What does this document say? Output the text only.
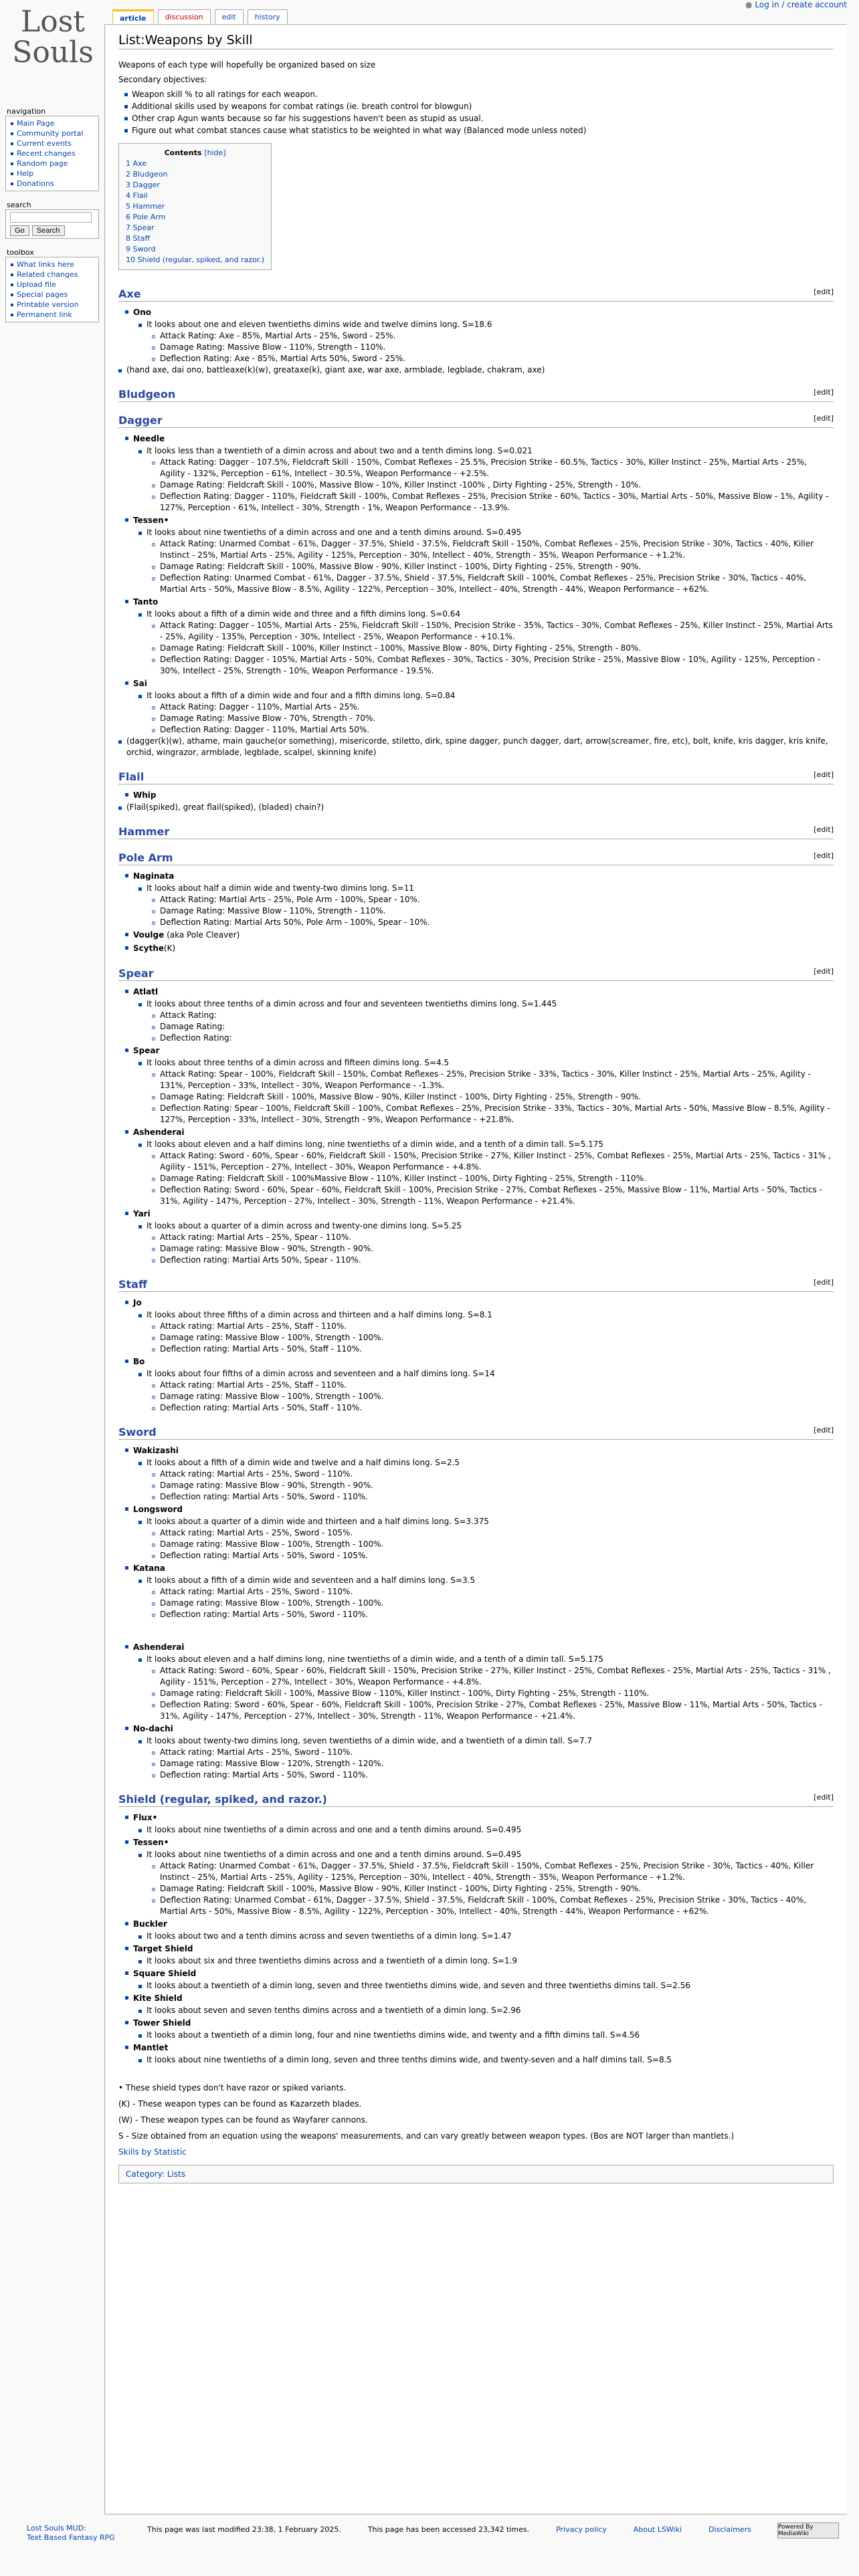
Lost
Souls
● Log in / create account
article	discussion	edit	history
navigation
Main Page
Community portal
Current events
Recent changes
Random page
Help
Donations
search
Go	Search
toolbox
What links here
Related changes
Upload file
Special pages
Printable version
Permanent link
List:Weapons by Skill
Weapons of each type will hopefully be organized based on size
Secondary objectives:
Weapon skill % to all ratings for each weapon.
Additional skills used by weapons for combat ratings (ie. breath control for blowgun)
Other crap Agun wants because so far his suggestions haven't been as stupid as usual.
Figure out what combat stances cause what statistics to be weighted in what way (Balanced mode unless noted)
Contents [hide]
1 Axe
2 Bludgeon
3 Dagger
4 Flail
5 Hammer
6 Pole Arm
7 Spear
8 Staff
9 Sword
10 Shield (regular, spiked, and razor.)
Axe	[edit]
Ono
It looks about one and eleven twentieths dimins wide and twelve dimins long. S=18.6
Attack Rating: Axe - 85%, Martial Arts - 25%, Sword - 25%.
Damage Rating: Massive Blow - 110%, Strength - 110%.
Deflection Rating: Axe - 85%, Martial Arts 50%, Sword - 25%.
(hand axe, dai ono, battleaxe(k)(w), greataxe(k), giant axe, war axe, armblade, legblade, chakram, axe)
Bludgeon	[edit]
Dagger	[edit]
Needle
It looks less than a twentieth of a dimin across and about two and a tenth dimins long. S=0.021
Attack Rating: Dagger - 107.5%, Fieldcraft Skill - 150%, Combat Reflexes - 25.5%, Precision Strike - 60.5%, Tactics - 30%, Killer Instinct - 25%, Martial Arts - 25%, Agility - 132%, Perception - 61%, Intellect - 30.5%, Weapon Performance - +2.5%.
Damage Rating: Fieldcraft Skill - 100%, Massive Blow - 10%, Killer Instinct -100% , Dirty Fighting - 25%, Strength - 10%.
Deflection Rating: Dagger - 110%, Fieldcraft Skill - 100%, Combat Reflexes - 25%, Precision Strike - 60%, Tactics - 30%, Martial Arts - 50%, Massive Blow - 1%, Agility - 127%, Perception - 61%, Intellect - 30%, Strength - 1%, Weapon Performance - -13.9%.
Tessen•
It looks about nine twentieths of a dimin across and one and a tenth dimins around. S=0.495
Attack Rating: Unarmed Combat - 61%, Dagger - 37.5%, Shield - 37.5%, Fieldcraft Skill - 150%, Combat Reflexes - 25%, Precision Strike - 30%, Tactics - 40%, Killer Instinct - 25%, Martial Arts - 25%, Agility - 125%, Perception - 30%, Intellect - 40%, Strength - 35%, Weapon Performance - +1.2%.
Damage Rating: Fieldcraft Skill - 100%, Massive Blow - 90%, Killer Instinct - 100%, Dirty Fighting - 25%, Strength - 90%.
Deflection Rating: Unarmed Combat - 61%, Dagger - 37.5%, Shield - 37.5%, Fieldcraft Skill - 100%, Combat Reflexes - 25%, Precision Strike - 30%, Tactics - 40%, Martial Arts - 50%, Massive Blow - 8.5%, Agility - 122%, Perception - 30%, Intellect - 40%, Strength - 44%, Weapon Performance - +62%.
Tanto
It looks about a fifth of a dimin wide and three and a fifth dimins long. S=0.64
Attack Rating: Dagger - 105%, Martial Arts - 25%, Fieldcraft Skill - 150%, Precision Strike - 35%, Tactics - 30%, Combat Reflexes - 25%, Killer Instinct - 25%, Martial Arts - 25%, Agility - 135%, Perception - 30%, Intellect - 25%, Weapon Performance - +10.1%.
Damage Rating: Fieldcraft Skill - 100%, Killer Instinct - 100%, Massive Blow - 80%, Dirty Fighting - 25%, Strength - 80%.
Deflection Rating: Dagger - 105%, Martial Arts - 50%, Combat Reflexes - 30%, Tactics - 30%, Precision Strike - 25%, Massive Blow - 10%, Agility - 125%, Perception - 30%, Intellect - 25%, Strength - 10%, Weapon Performance - 19.5%.
Sai
It looks about a fifth of a dimin wide and four and a fifth dimins long. S=0.84
Attack Rating: Dagger - 110%, Martial Arts - 25%.
Damage Rating: Massive Blow - 70%, Strength - 70%.
Deflection Rating: Dagger - 110%, Martial Arts 50%.
(dagger(k)(w), athame, main gauche(or something), misericorde, stiletto, dirk, spine dagger, punch dagger, dart, arrow(screamer, fire, etc), bolt, knife, kris dagger, kris knife, orchid, wingrazor, armblade, legblade, scalpel, skinning knife)
Flail	[edit]
Whip
(Flail(spiked), great flail(spiked), (bladed) chain?)
Hammer	[edit]
Pole Arm	[edit]
Naginata
It looks about half a dimin wide and twenty-two dimins long. S=11
Attack Rating: Martial Arts - 25%, Pole Arm - 100%, Spear - 10%.
Damage Rating: Massive Blow - 110%, Strength - 110%.
Deflection Rating: Martial Arts 50%, Pole Arm - 100%, Spear - 10%.
Voulge (aka Pole Cleaver)
Scythe(K)
Spear	[edit]
Atlatl
It looks about three tenths of a dimin across and four and seventeen twentieths dimins long. S=1.445
Attack Rating:
Damage Rating:
Deflection Rating:
Spear
It looks about three tenths of a dimin across and fifteen dimins long. S=4.5
Attack Rating: Spear - 100%, Fieldcraft Skill - 150%, Combat Reflexes - 25%, Precision Strike - 33%, Tactics - 30%, Killer Instinct - 25%, Martial Arts - 25%, Agility - 131%, Perception - 33%, Intellect - 30%, Weapon Performance - -1.3%.
Damage Rating: Fieldcraft Skill - 100%, Massive Blow - 90%, Killer Instinct - 100%, Dirty Fighting - 25%, Strength - 90%.
Deflection Rating: Spear - 100%, Fieldcraft Skill - 100%, Combat Reflexes - 25%, Precision Strike - 33%, Tactics - 30%, Martial Arts - 50%, Massive Blow - 8.5%, Agility - 127%, Perception - 33%, Intellect - 30%, Strength - 9%, Weapon Performance - +21.8%.
Ashenderai
It looks about eleven and a half dimins long, nine twentieths of a dimin wide, and a tenth of a dimin tall. S=5.175
Attack Rating: Sword - 60%, Spear - 60%, Fieldcraft Skill - 150%, Precision Strike - 27%, Killer Instinct - 25%, Combat Reflexes - 25%, Martial Arts - 25%, Tactics - 31% , Agility - 151%, Perception - 27%, Intellect - 30%, Weapon Performance - +4.8%.
Damage Rating: Fieldcraft Skill - 100%Massive Blow - 110%, Killer Instinct - 100%, Dirty Fighting - 25%, Strength - 110%.
Deflection Rating: Sword - 60%, Spear - 60%, Fieldcraft Skill - 100%, Precision Strike - 27%, Combat Reflexes - 25%, Massive Blow - 11%, Martial Arts - 50%, Tactics - 31%, Agility - 147%, Perception - 27%, Intellect - 30%, Strength - 11%, Weapon Performance - +21.4%.
Yari
It looks about a quarter of a dimin across and twenty-one dimins long. S=5.25
Attack rating: Martial Arts - 25%, Spear - 110%.
Damage rating: Massive Blow - 90%, Strength - 90%.
Deflection rating: Martial Arts 50%, Spear - 110%.
Staff	[edit]
Jo
It looks about three fifths of a dimin across and thirteen and a half dimins long. S=8.1
Attack rating: Martial Arts - 25%, Staff - 110%.
Damage rating: Massive Blow - 100%, Strength - 100%.
Deflection rating: Martial Arts - 50%, Staff - 110%.
Bo
It looks about four fifths of a dimin across and seventeen and a half dimins long. S=14
Attack rating: Martial Arts - 25%, Staff - 110%.
Damage rating: Massive Blow - 100%, Strength - 100%.
Deflection rating: Martial Arts - 50%, Staff - 110%.
Sword	[edit]
Wakizashi
It looks about a fifth of a dimin wide and twelve and a half dimins long. S=2.5
Attack rating: Martial Arts - 25%, Sword - 110%.
Damage rating: Massive Blow - 90%, Strength - 90%.
Deflection rating: Martial Arts - 50%, Sword - 110%.
Longsword
It looks about a quarter of a dimin wide and thirteen and a half dimins long. S=3.375
Attack rating: Martial Arts - 25%, Sword - 105%.
Damage rating: Massive Blow - 100%, Strength - 100%.
Deflection rating: Martial Arts - 50%, Sword - 105%.
Katana
It looks about a fifth of a dimin wide and seventeen and a half dimins long. S=3.5
Attack rating: Martial Arts - 25%, Sword - 110%.
Damage rating: Massive Blow - 100%, Strength - 100%.
Deflection rating: Martial Arts - 50%, Sword - 110%.
Ashenderai
It looks about eleven and a half dimins long, nine twentieths of a dimin wide, and a tenth of a dimin tall. S=5.175
Attack Rating: Sword - 60%, Spear - 60%, Fieldcraft Skill - 150%, Precision Strike - 27%, Killer Instinct - 25%, Combat Reflexes - 25%, Martial Arts - 25%, Tactics - 31% , Agility - 151%, Perception - 27%, Intellect - 30%, Weapon Performance - +4.8%.
Damage rating: Fieldcraft Skill - 100%, Massive Blow - 110%, Killer Instinct - 100%, Dirty Fighting - 25%, Strength - 110%.
Deflection Rating: Sword - 60%, Spear - 60%, Fieldcraft Skill - 100%, Precision Strike - 27%, Combat Reflexes - 25%, Massive Blow - 11%, Martial Arts - 50%, Tactics - 31%, Agility - 147%, Perception - 27%, Intellect - 30%, Strength - 11%, Weapon Performance - +21.4%.
No-dachi
It looks about twenty-two dimins long, seven twentieths of a dimin wide, and a twentieth of a dimin tall. S=7.7
Attack rating: Martial Arts - 25%, Sword - 110%.
Damage rating: Massive Blow - 120%, Strength - 120%.
Deflection rating: Martial Arts - 50%, Sword - 110%.
Shield (regular, spiked, and razor.)	[edit]
Flux•
It looks about nine twentieths of a dimin across and one and a tenth dimins around. S=0.495
Tessen•
It looks about nine twentieths of a dimin across and one and a tenth dimins around. S=0.495
Attack Rating: Unarmed Combat - 61%, Dagger - 37.5%, Shield - 37.5%, Fieldcraft Skill - 150%, Combat Reflexes - 25%, Precision Strike - 30%, Tactics - 40%, Killer Instinct - 25%, Martial Arts - 25%, Agility - 125%, Perception - 30%, Intellect - 40%, Strength - 35%, Weapon Performance - +1.2%.
Damage Rating: Fieldcraft Skill - 100%, Massive Blow - 90%, Killer Instinct - 100%, Dirty Fighting - 25%, Strength - 90%.
Deflection Rating: Unarmed Combat - 61%, Dagger - 37.5%, Shield - 37.5%, Fieldcraft Skill - 100%, Combat Reflexes - 25%, Precision Strike - 30%, Tactics - 40%, Martial Arts - 50%, Massive Blow - 8.5%, Agility - 122%, Perception - 30%, Intellect - 40%, Strength - 44%, Weapon Performance - +62%.
Buckler
It looks about two and a tenth dimins across and seven twentieths of a dimin long. S=1.47
Target Shield
It looks about six and three twentieths dimins across and a twentieth of a dimin long. S=1.9
Square Shield
It looks about a twentieth of a dimin long, seven and three twentieths dimins wide, and seven and three twentieths dimins tall. S=2.56
Kite Shield
It looks about seven and seven tenths dimins across and a twentieth of a dimin long. S=2.96
Tower Shield
It looks about a twentieth of a dimin long, four and nine twentieths dimins wide, and twenty and a fifth dimins tall. S=4.56
Mantlet
It looks about nine twentieths of a dimin long, seven and three tenths dimins wide, and twenty-seven and a half dimins tall. S=8.5
• These shield types don't have razor or spiked variants.
(K) - These weapon types can be found as Kazarzeth blades.
(W) - These weapon types can be found as Wayfarer cannons.
S - Size obtained from an equation using the weapons' measurements, and can vary greatly between weapon types. (Bos are NOT larger than mantlets.)
Skills by Statistic
Category: Lists
Lost Souls MUD:
Text Based Fantasy RPG
This page was last modified 23:38, 1 February 2025.	This page has been accessed 23,342 times.	Privacy policy	About LSWiki	Disclaimers	Powered By MediaWiki
